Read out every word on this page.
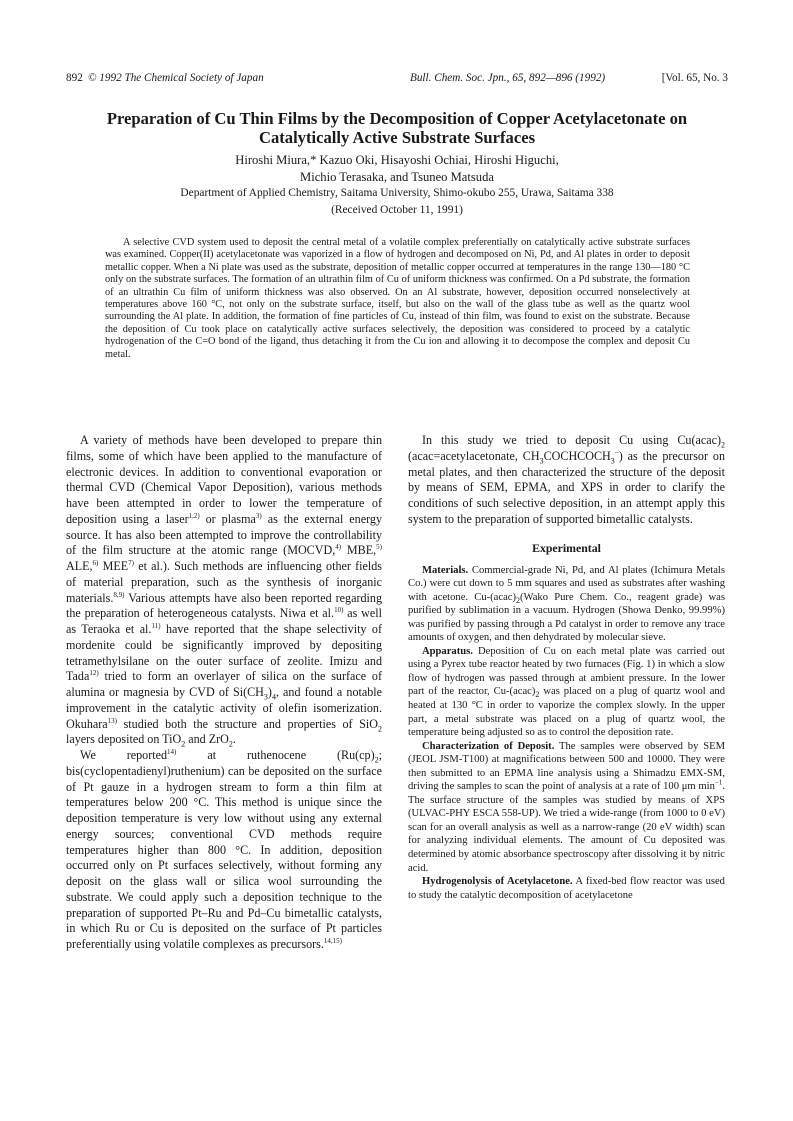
892 © 1992 The Chemical Society of Japan	Bull. Chem. Soc. Jpn., 65, 892—896 (1992)	[Vol. 65, No. 3
Preparation of Cu Thin Films by the Decomposition of Copper Acetylacetonate on Catalytically Active Substrate Surfaces
Hiroshi Miura,* Kazuo Oki, Hisayoshi Ochiai, Hiroshi Higuchi,
Michio Terasaka, and Tsuneo Matsuda
Department of Applied Chemistry, Saitama University, Shimo-okubo 255, Urawa, Saitama 338
(Received October 11, 1991)

A selective CVD system used to deposit the central metal of a volatile complex preferentially on catalytically active substrate surfaces was examined. Copper(II) acetylacetonate was vaporized in a flow of hydrogen and decomposed on Ni, Pd, and Al plates in order to deposit metallic copper. When a Ni plate was used as the substrate, deposition of metallic copper occurred at temperatures in the range 130—180 °C only on the substrate surfaces. The formation of an ultrathin film of Cu of uniform thickness was confirmed. On a Pd substrate, the formation of an ultrathin Cu film of uniform thickness was also observed. On an Al substrate, however, deposition occurred nonselectively at temperatures above 160 °C, not only on the substrate surface, itself, but also on the wall of the glass tube as well as the quartz wool surrounding the Al plate. In addition, the formation of fine particles of Cu, instead of thin film, was found to exist on the substrate. Because the deposition of Cu took place on catalytically active surfaces selectively, the deposition was considered to proceed by a catalytic hydrogenation of the C=O bond of the ligand, thus detaching it from the Cu ion and allowing it to decompose the complex and deposit Cu metal.

A variety of methods have been developed to prepare thin films, some of which have been applied to the manufacture of electronic devices. In addition to conventional evaporation or thermal CVD (Chemical Vapor Deposition), various methods have been attempted in order to lower the temperature of deposition using a laser$^{1,2)}$ or plasma$^{3)}$ as the external energy source. It has also been attempted to improve the controllability of the film structure at the atomic range (MOCVD,$^{4)}$ MBE,$^{5)}$ ALE,$^{6)}$ MEE$^{7)}$ et al.). Such methods are influencing other fields of material preparation, such as the synthesis of inorganic materials.$^{8,9)}$ Various attempts have also been reported regarding the preparation of heterogeneous catalysts. Niwa et al.$^{10)}$ as well as Teraoka et al.$^{11)}$ have reported that the shape selectivity of mordenite could be significantly improved by depositing tetramethylsilane on the outer surface of zeolite. Imizu and Tada$^{12)}$ tried to form an overlayer of silica on the surface of alumina or magnesia by CVD of $Si(CH_3)_4$, and found a notable improvement in the catalytic activity of olefin isomerization. Okuhara$^{13)}$ studied both the structure and properties of SiO$_2$ layers deposited on TiO$_2$ and ZrO$_2$.

We reported$^{14)}$ at ruthenocene ($Ru(cp)_2$; bis(cyclopentadienyl)ruthenium) can be deposited on the surface of Pt gauze in a hydrogen stream to form a thin film at temperatures below 200 °C. This method is unique since the deposition temperature is very low without using any external energy sources; conventional CVD methods require temperatures higher than 800 °C. In addition, deposition occurred only on Pt surfaces selectively, without forming any deposit on the glass wall or silica wool surrounding the substrate. We could apply such a deposition technique to the preparation of supported Pt–Ru and Pd–Cu bimetallic catalysts, in which Ru or Cu is deposited on the surface of Pt particles preferentially using volatile complexes as precursors.$^{14,15)}$

In this study we tried to deposit Cu using $Cu(acac)_2$ (acac=acetylacetonate, $CH_3COCHCOCH_3^-$) as the precursor on metal plates, and then characterized the structure of the deposit by means of SEM, EPMA, and XPS in order to clarify the conditions of such selective deposition, in an attempt apply this system to the preparation of supported bimetallic catalysts.

Experimental

Materials. Commercial-grade Ni, Pd, and Al plates (Ichimura Metals Co.) were cut down to 5 mm squares and used as substrates after washing with acetone. $Cu-(acac)_2(Wako$ Pure Chem. Co., reagent grade) was purified by sublimation in a vacuum. Hydrogen (Showa Denko, 99.99%) was purified by passing through a Pd catalyst in order to remove any trace amounts of oxygen, and then dehydrated by molecular sieve.

Apparatus. Deposition of Cu on each metal plate was carried out using a Pyrex tube reactor heated by two furnaces (Fig. 1) in which a slow flow of hydrogen was passed through at ambient pressure. In the lower part of the reactor, $Cu-(acac)_2$ was placed on a plug of quartz wool and heated at 130 °C in order to vaporize the complex slowly. In the upper part, a metal substrate was placed on a plug of quartz wool, the temperature being adjusted so as to control the deposition rate.

Characterization of Deposit. The samples were observed by SEM (JEOL JSM-T100) at magnifications between 500 and 10000. They were then submitted to an EPMA line analysis using a Shimadzu EMX-SM, driving the samples to scan the point of analysis at a rate of 100 μm $\min^{-1}$. The surface structure of the samples was studied by means of XPS (ULVAC-PHY ESCA 558-UP). We tried a wide-range (from 1000 to 0 eV) scan for an overall analysis as well as a narrow-range (20 eV width) scan for analyzing individual elements. The amount of Cu deposited was determined by atomic absorbance spectroscopy after dissolving it by nitric acid.

Hydrogenolysis of Acetylacetone. A fixed-bed flow reactor was used to study the catalytic decomposition of acetylacetone
